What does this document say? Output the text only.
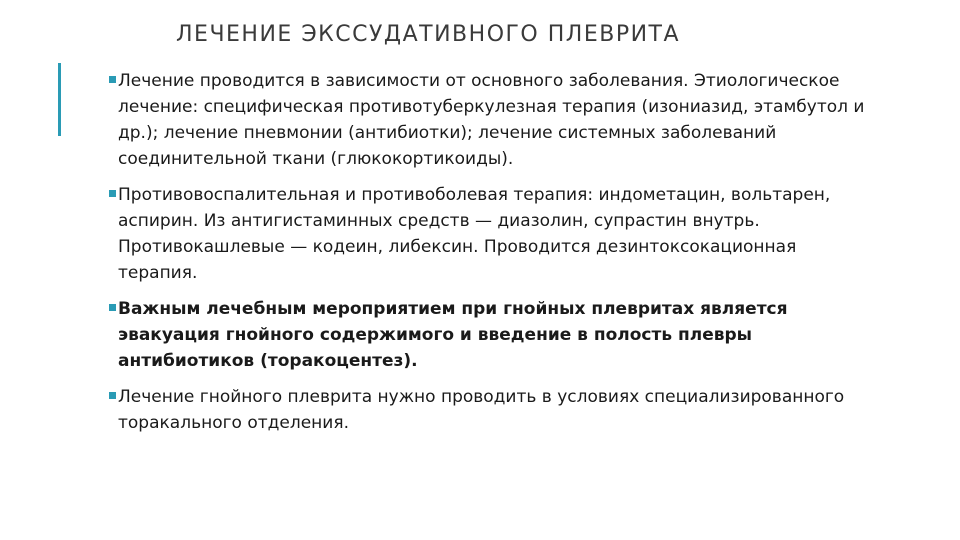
ЛЕЧЕНИЕ ЭКССУДАТИВНОГО ПЛЕВРИТА
Лечение проводится в зависимости от основного заболевания. Этиологическое лечение: специфическая противотуберкулезная терапия (изониазид, этамбутол и др.); лечение пневмонии (антибиотки); лечение системных заболеваний соединительной ткани (глюкокортикоиды).
Противовоспалительная и противоболевая терапия: индометацин, вольтарен, аспирин. Из антигистаминных средств — диазолин, супрастин внутрь. Противокашлевые — кодеин, либексин. Проводится дезинтоксокационная терапия.
Важным лечебным мероприятием при гнойных плевритах является эвакуация гнойного содержимого и введение в полость плевры антибиотиков (торакоцентез).
Лечение гнойного плеврита нужно проводить в условиях специализированного торакального отделения.
